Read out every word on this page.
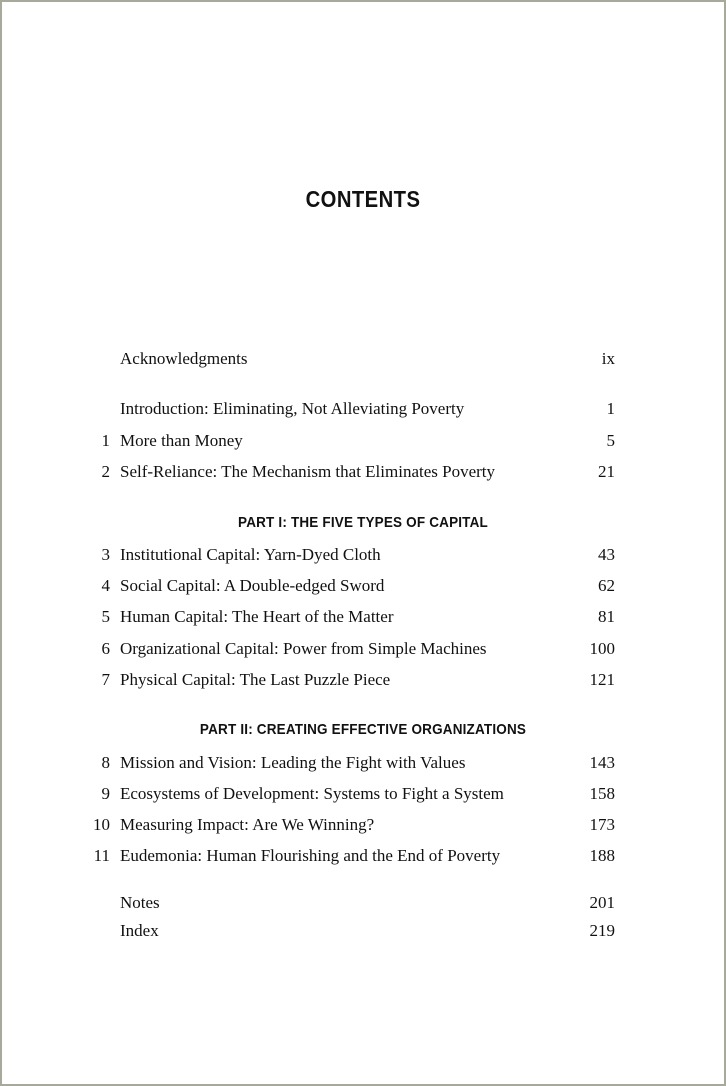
CONTENTS
Acknowledgments	ix
Introduction: Eliminating, Not Alleviating Poverty	1
1 More than Money	5
2 Self-Reliance: The Mechanism that Eliminates Poverty	21
PART I: THE FIVE TYPES OF CAPITAL
3 Institutional Capital: Yarn-Dyed Cloth	43
4 Social Capital: A Double-edged Sword	62
5 Human Capital: The Heart of the Matter	81
6 Organizational Capital: Power from Simple Machines	100
7 Physical Capital: The Last Puzzle Piece	121
PART II: CREATING EFFECTIVE ORGANIZATIONS
8 Mission and Vision: Leading the Fight with Values	143
9 Ecosystems of Development: Systems to Fight a System	158
10 Measuring Impact: Are We Winning?	173
11 Eudemonia: Human Flourishing and the End of Poverty	188
Notes	201
Index	219
